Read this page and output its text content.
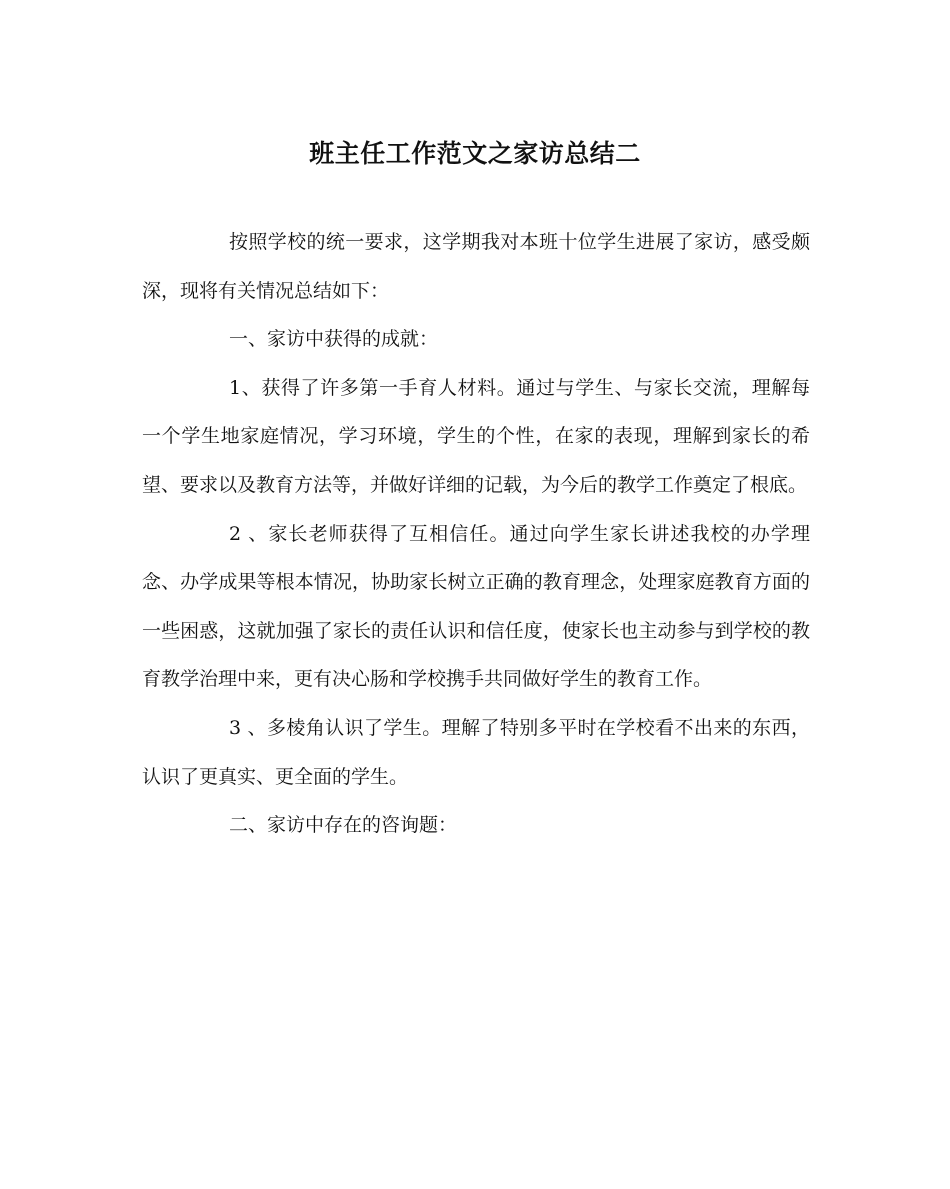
班主任工作范文之家访总结二

按照学校的统一要求，这学期我对本班十位学生进展了家访，感受颇深，现将有关情况总结如下：

一、家访中获得的成就：

1、获得了许多第一手育人材料。通过与学生、与家长交流，理解每一个学生地家庭情况，学习环境，学生的个性，在家的表现，理解到家长的希望、要求以及教育方法等，并做好详细的记载，为今后的教学工作奠定了根底。

2 、家长老师获得了互相信任。通过向学生家长讲述我校的办学理念、办学成果等根本情况，协助家长树立正确的教育理念，处理家庭教育方面的一些困惑，这就加强了家长的责任认识和信任度，使家长也主动参与到学校的教育教学治理中来，更有决心肠和学校携手共同做好学生的教育工作。

3 、多棱角认识了学生。理解了特别多平时在学校看不出来的东西，认识了更真实、更全面的学生。

二、家访中存在的咨询题：
